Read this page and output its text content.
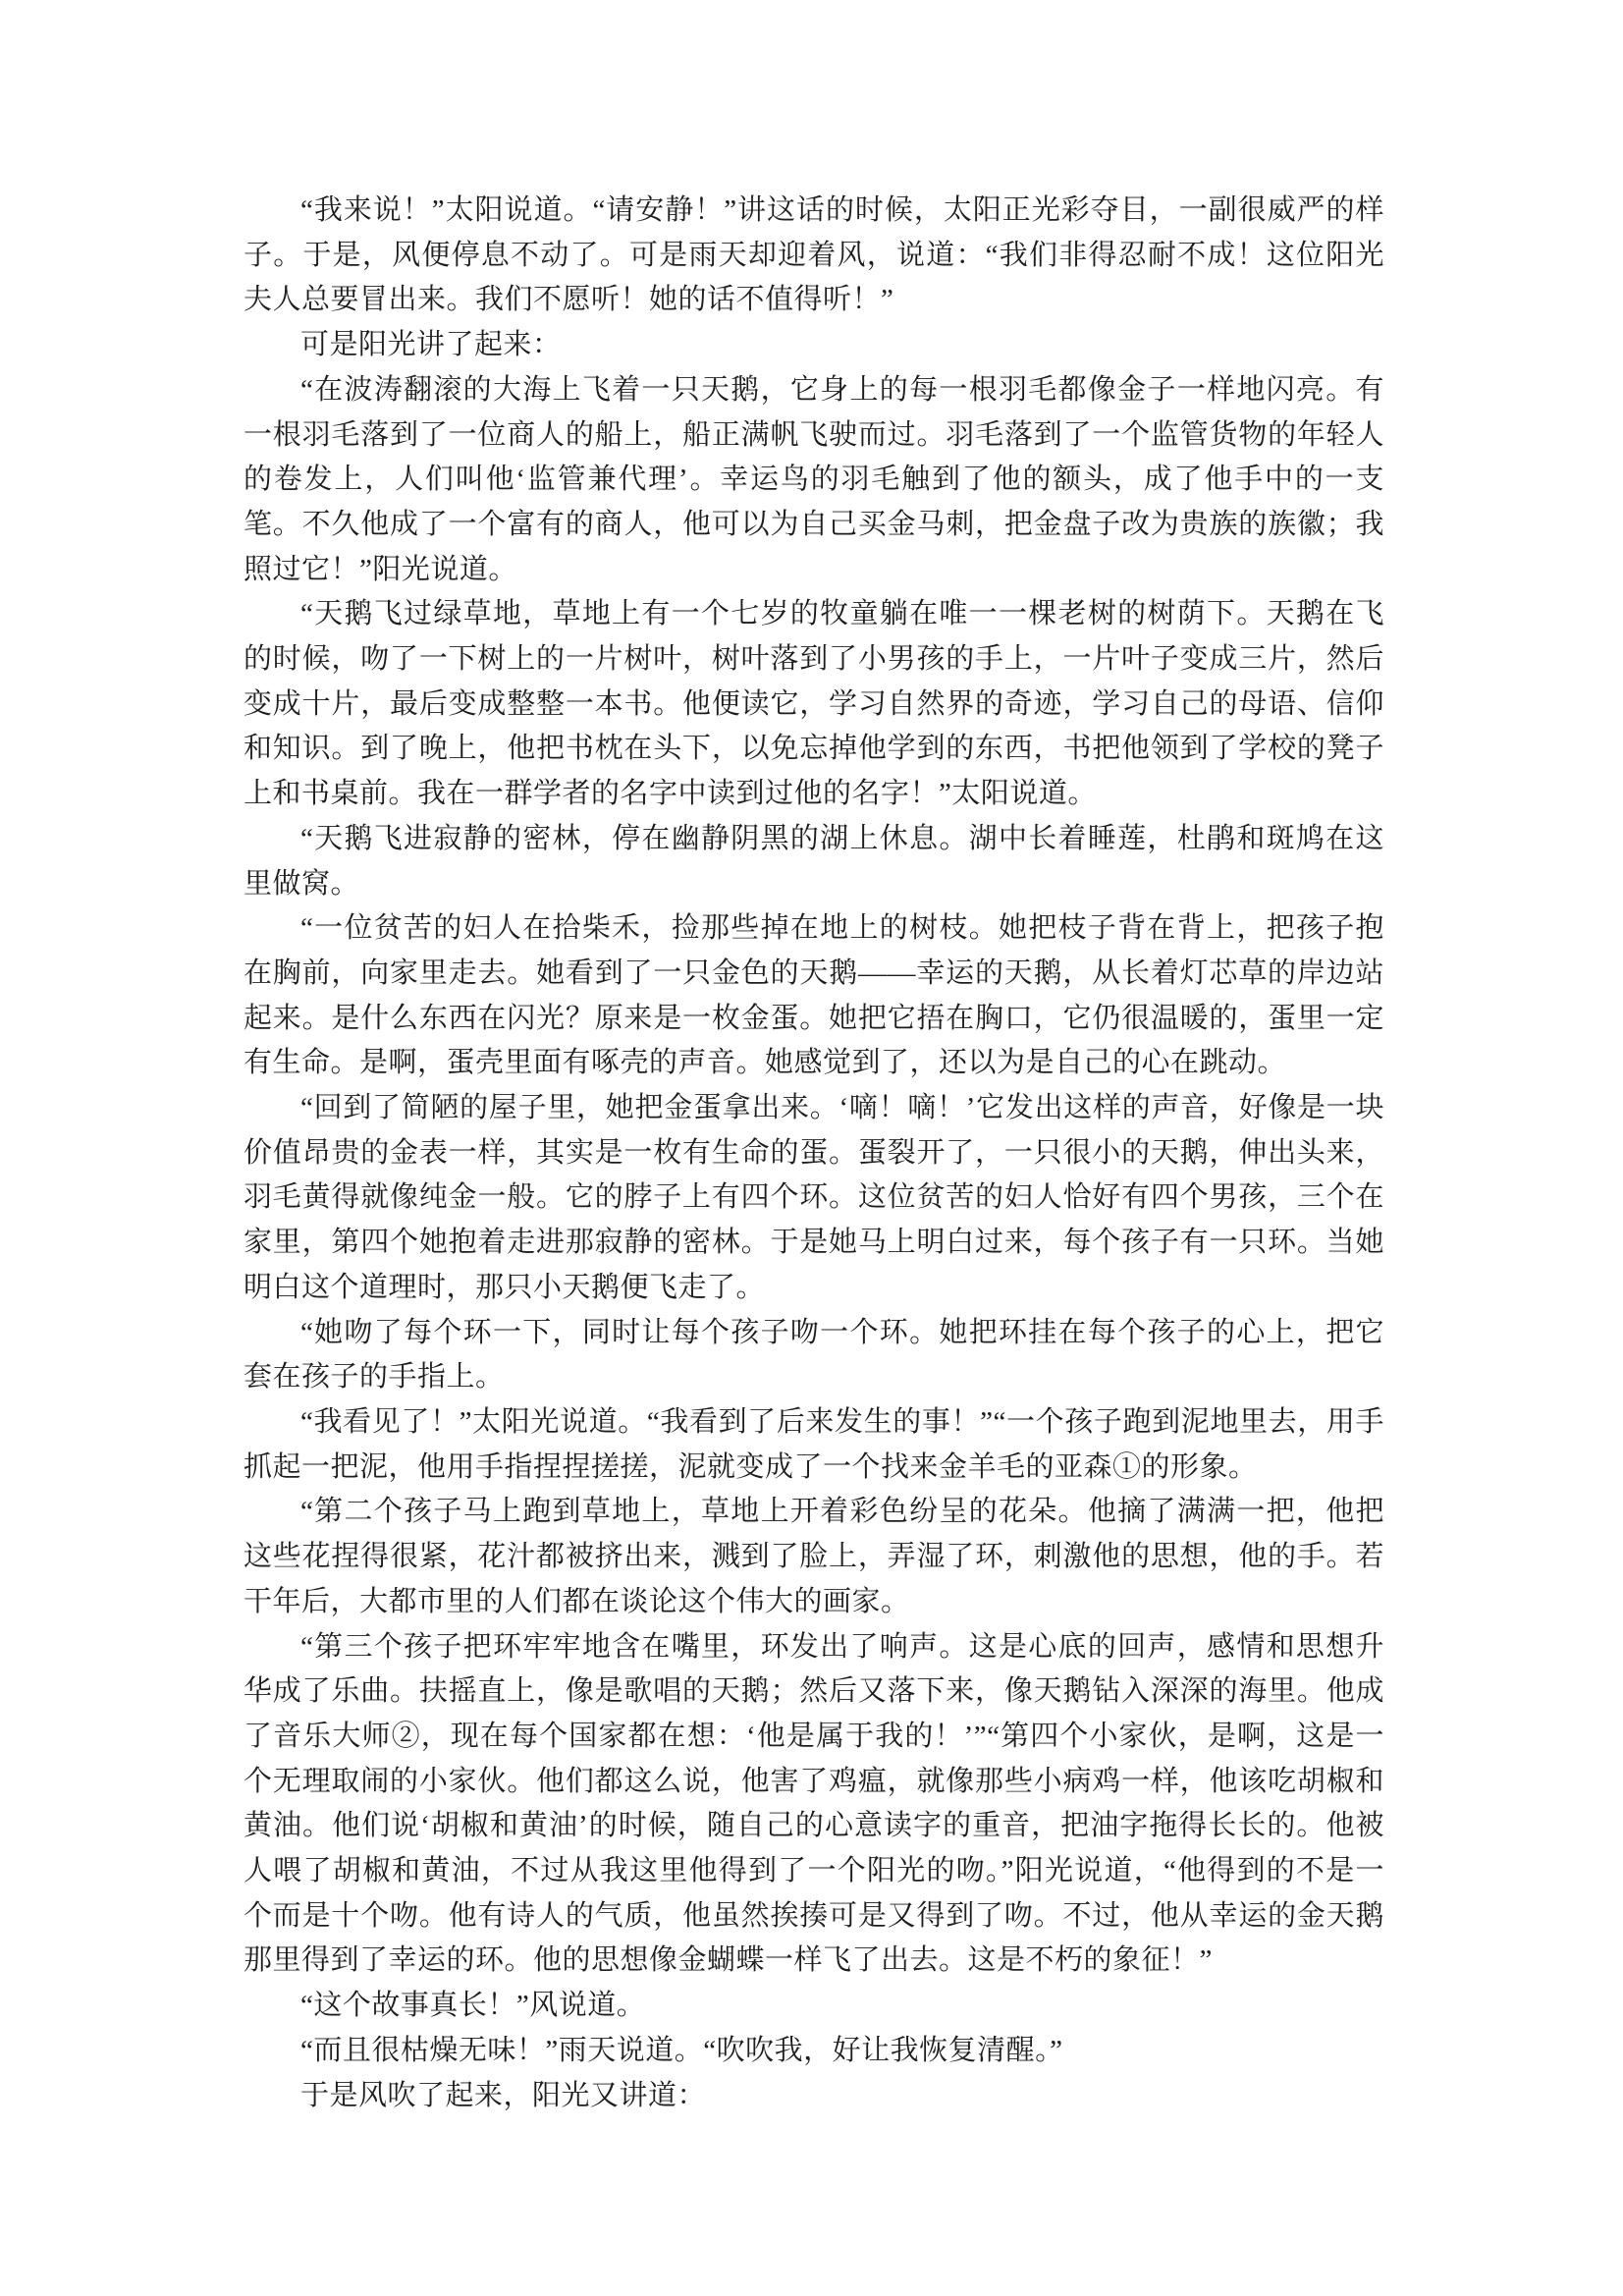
“我来说！”太阳说道。“请安静！”讲这话的时候，太阳正光彩夺目，一副很威严的样子。于是，风便停息不动了。可是雨天却迎着风，说道：“我们非得忍耐不成！这位阳光夫人总要冒出来。我们不愿听！她的话不值得听！”

可是阳光讲了起来：

“在波涛翻滚的大海上飞着一只天鹅，它身上的每一根羽毛都像金子一样地闪亮。有一根羽毛落到了一位商人的船上，船正满帆飞驶而过。羽毛落到了一个监管货物的年轻人的卷发上，人们叫他‘监管兼代理’。幸运鸟的羽毛触到了他的额头，成了他手中的一支笔。不久他成了一个富有的商人，他可以为自己买金马刺，把金盘子改为贵族的族徽；我照过它！”阳光说道。

“天鹅飞过绿草地，草地上有一个七岁的牧童躺在唯一一棵老树的树荫下。天鹅在飞的时候，吻了一下树上的一片树叶，树叶落到了小男孩的手上，一片叶子变成三片，然后变成十片，最后变成整整一本书。他便读它，学习自然界的奇迹，学习自己的母语、信仰和知识。到了晚上，他把书枕在头下，以免忘掉他学到的东西，书把他领到了学校的凳子上和书桌前。我在一群学者的名字中读到过他的名字！”太阳说道。

“天鹅飞进寂静的密林，停在幽静阴黑的湖上休息。湖中长着睡莲，杜鹃和斑鸠在这里做窝。

“一位贫苦的妇人在拾柴禾，捡那些掉在地上的树枝。她把枝子背在背上，把孩子抱在胸前，向家里走去。她看到了一只金色的天鹅——幸运的天鹅，从长着灯芯草的岸边站起来。是什么东西在闪光？原来是一枚金蛋。她把它捂在胸口，它仍很温暖的，蛋里一定有生命。是啊，蛋壳里面有啄壳的声音。她感觉到了，还以为是自己的心在跳动。

“回到了简陋的屋子里，她把金蛋拿出来。‘嘀！嘀！’它发出这样的声音，好像是一块价值昂贵的金表一样，其实是一枚有生命的蛋。蛋裂开了，一只很小的天鹅，伸出头来，羽毛黄得就像纯金一般。它的脖子上有四个环。这位贫苦的妇人恰好有四个男孩，三个在家里，第四个她抱着走进那寂静的密林。于是她马上明白过来，每个孩子有一只环。当她明白这个道理时，那只小天鹅便飞走了。

“她吻了每个环一下，同时让每个孩子吻一个环。她把环挂在每个孩子的心上，把它套在孩子的手指上。

“我看见了！”太阳光说道。“我看到了后来发生的事！”“一个孩子跑到泥地里去，用手抓起一把泥，他用手指捏捏搓搓，泥就变成了一个找来金羊毛的亚森①的形象。

“第二个孩子马上跑到草地上，草地上开着彩色纷呈的花朵。他摘了满满一把，他把这些花捏得很紧，花汁都被挤出来，溅到了脸上，弄湿了环，刺激他的思想，他的手。若干年后，大都市里的人们都在谈论这个伟大的画家。

“第三个孩子把环牢牢地含在嘴里，环发出了响声。这是心底的回声，感情和思想升华成了乐曲。扶摇直上，像是歌唱的天鹅；然后又落下来，像天鹅钻入深深的海里。他成了音乐大师②，现在每个国家都在想：‘他是属于我的！’”“第四个小家伙，是啊，这是一个无理取闹的小家伙。他们都这么说，他害了鸡瘟，就像那些小病鸡一样，他该吃胡椒和黄油。他们说‘胡椒和黄油’的时候，随自己的心意读字的重音，把油字拖得长长的。他被人喂了胡椒和黄油，不过从我这里他得到了一个阳光的吻。”阳光说道，“他得到的不是一个而是十个吻。他有诗人的气质，他虽然挨揍可是又得到了吻。不过，他从幸运的金天鹅那里得到了幸运的环。他的思想像金蝴蝶一样飞了出去。这是不朽的象征！”

“这个故事真长！”风说道。

“而且很枯燥无味！”雨天说道。“吹吹我，好让我恢复清醒。”

于是风吹了起来，阳光又讲道：
